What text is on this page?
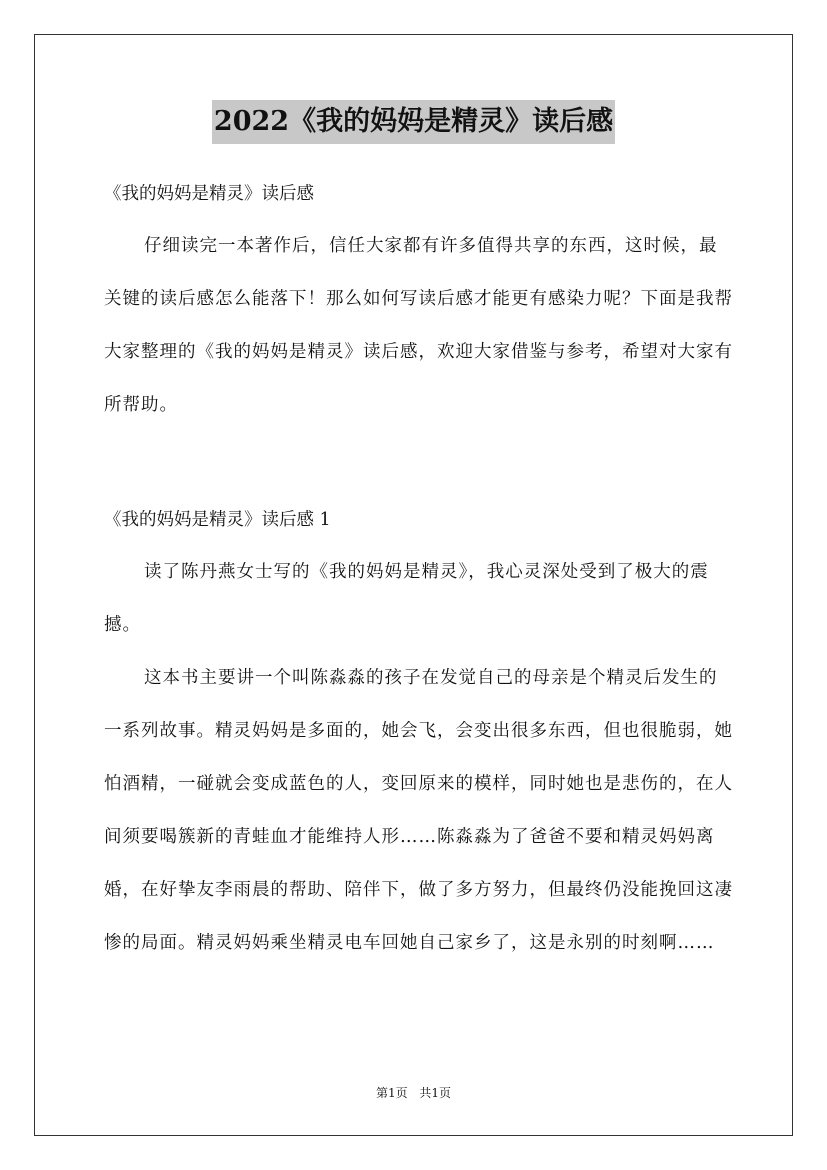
2022《我的妈妈是精灵》读后感
《我的妈妈是精灵》读后感
仔细读完一本著作后，信任大家都有许多值得共享的东西，这时候，最关键的读后感怎么能落下！那么如何写读后感才能更有感染力呢？下面是我帮大家整理的《我的妈妈是精灵》读后感，欢迎大家借鉴与参考，希望对大家有所帮助。
《我的妈妈是精灵》读后感 1
读了陈丹燕女士写的《我的妈妈是精灵》，我心灵深处受到了极大的震撼。
这本书主要讲一个叫陈淼淼的孩子在发觉自己的母亲是个精灵后发生的一系列故事。精灵妈妈是多面的，她会飞，会变出很多东西，但也很脆弱，她怕酒精，一碰就会变成蓝色的人，变回原来的模样，同时她也是悲伤的，在人间须要喝簇新的青蛙血才能维持人形……陈淼淼为了爸爸不要和精灵妈妈离婚，在好挚友李雨晨的帮助、陪伴下，做了多方努力，但最终仍没能挽回这凄惨的局面。精灵妈妈乘坐精灵电车回她自己家乡了，这是永别的时刻啊……
第1页 共1页
